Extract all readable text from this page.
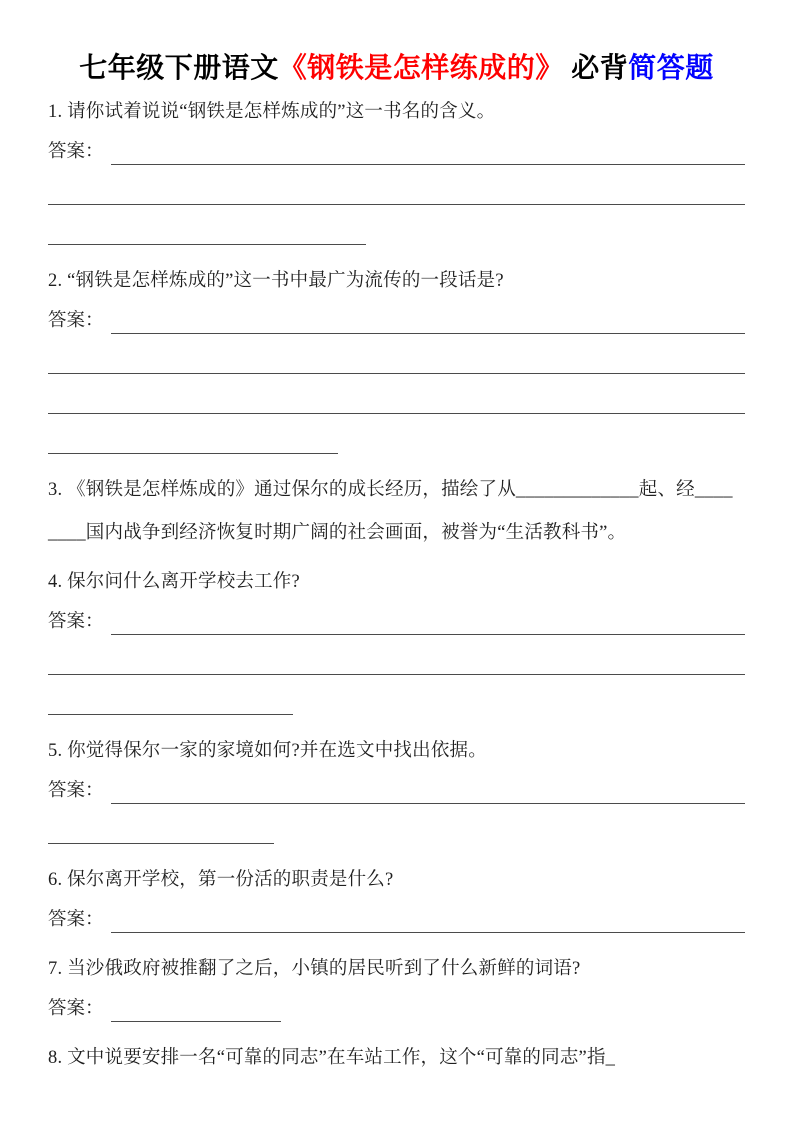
七年级下册语文《钢铁是怎样练成的》 必背简答题

1. 请你试着说说“钢铁是怎样炼成的”这一书名的含义。

答案：

2. “钢铁是怎样炼成的”这一书中最广为流传的一段话是?

答案：

3. 《钢铁是怎样炼成的》通过保尔的成长经历，描绘了从_____________起、经____

____国内战争到经济恢复时期广阔的社会画面，被誉为“生活教科书”。

4. 保尔问什么离开学校去工作?

答案：

5. 你觉得保尔一家的家境如何?并在选文中找出依据。

答案：

6. 保尔离开学校，第一份活的职责是什么?

答案：

7. 当沙俄政府被推翻了之后，小镇的居民听到了什么新鲜的词语?

答案：

8. 文中说要安排一名“可靠的同志”在车站工作，这个“可靠的同志”指_
